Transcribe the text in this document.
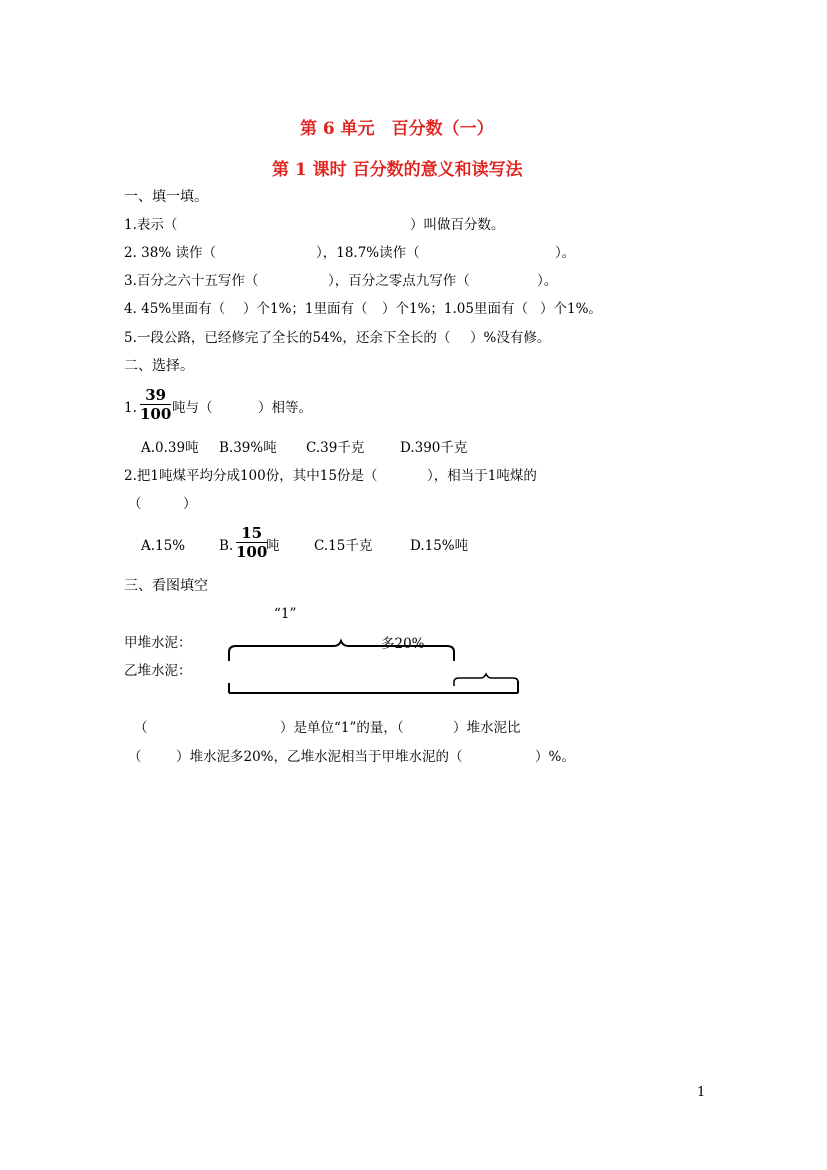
第 6 单元　百分数（一）
第 1 课时 百分数的意义和读写法
一、填一填。
1.表示（	）叫做百分数。
2. 38% 读作（	），18.7%读作（	）。
3.百分之六十五写作（	），百分之零点九写作（	）。
4. 45%里面有（ ）个1%；1里面有（ ）个1%；1.05里面有（ ）个1%。
5.一段公路，已经修完了全长的54%，还余下全长的（ ）%没有修。
二、选择。
1.
39
100 吨与（	）相等。
A.0.39吨 B.39%吨 C.39千克	D.390千克
2.把1吨煤平均分成100份，其中15份是（	），相当于1吨煤的
（	）
A.15%	B.
15
100
吨	C.15千克	D.15%吨
三、看图填空
“1”
甲堆水泥：
乙堆水泥：
多20%
（	）是单位“1”的量，（	）堆水泥比
（	）堆水泥多20%，乙堆水泥相当于甲堆水泥的（	）%。
1
